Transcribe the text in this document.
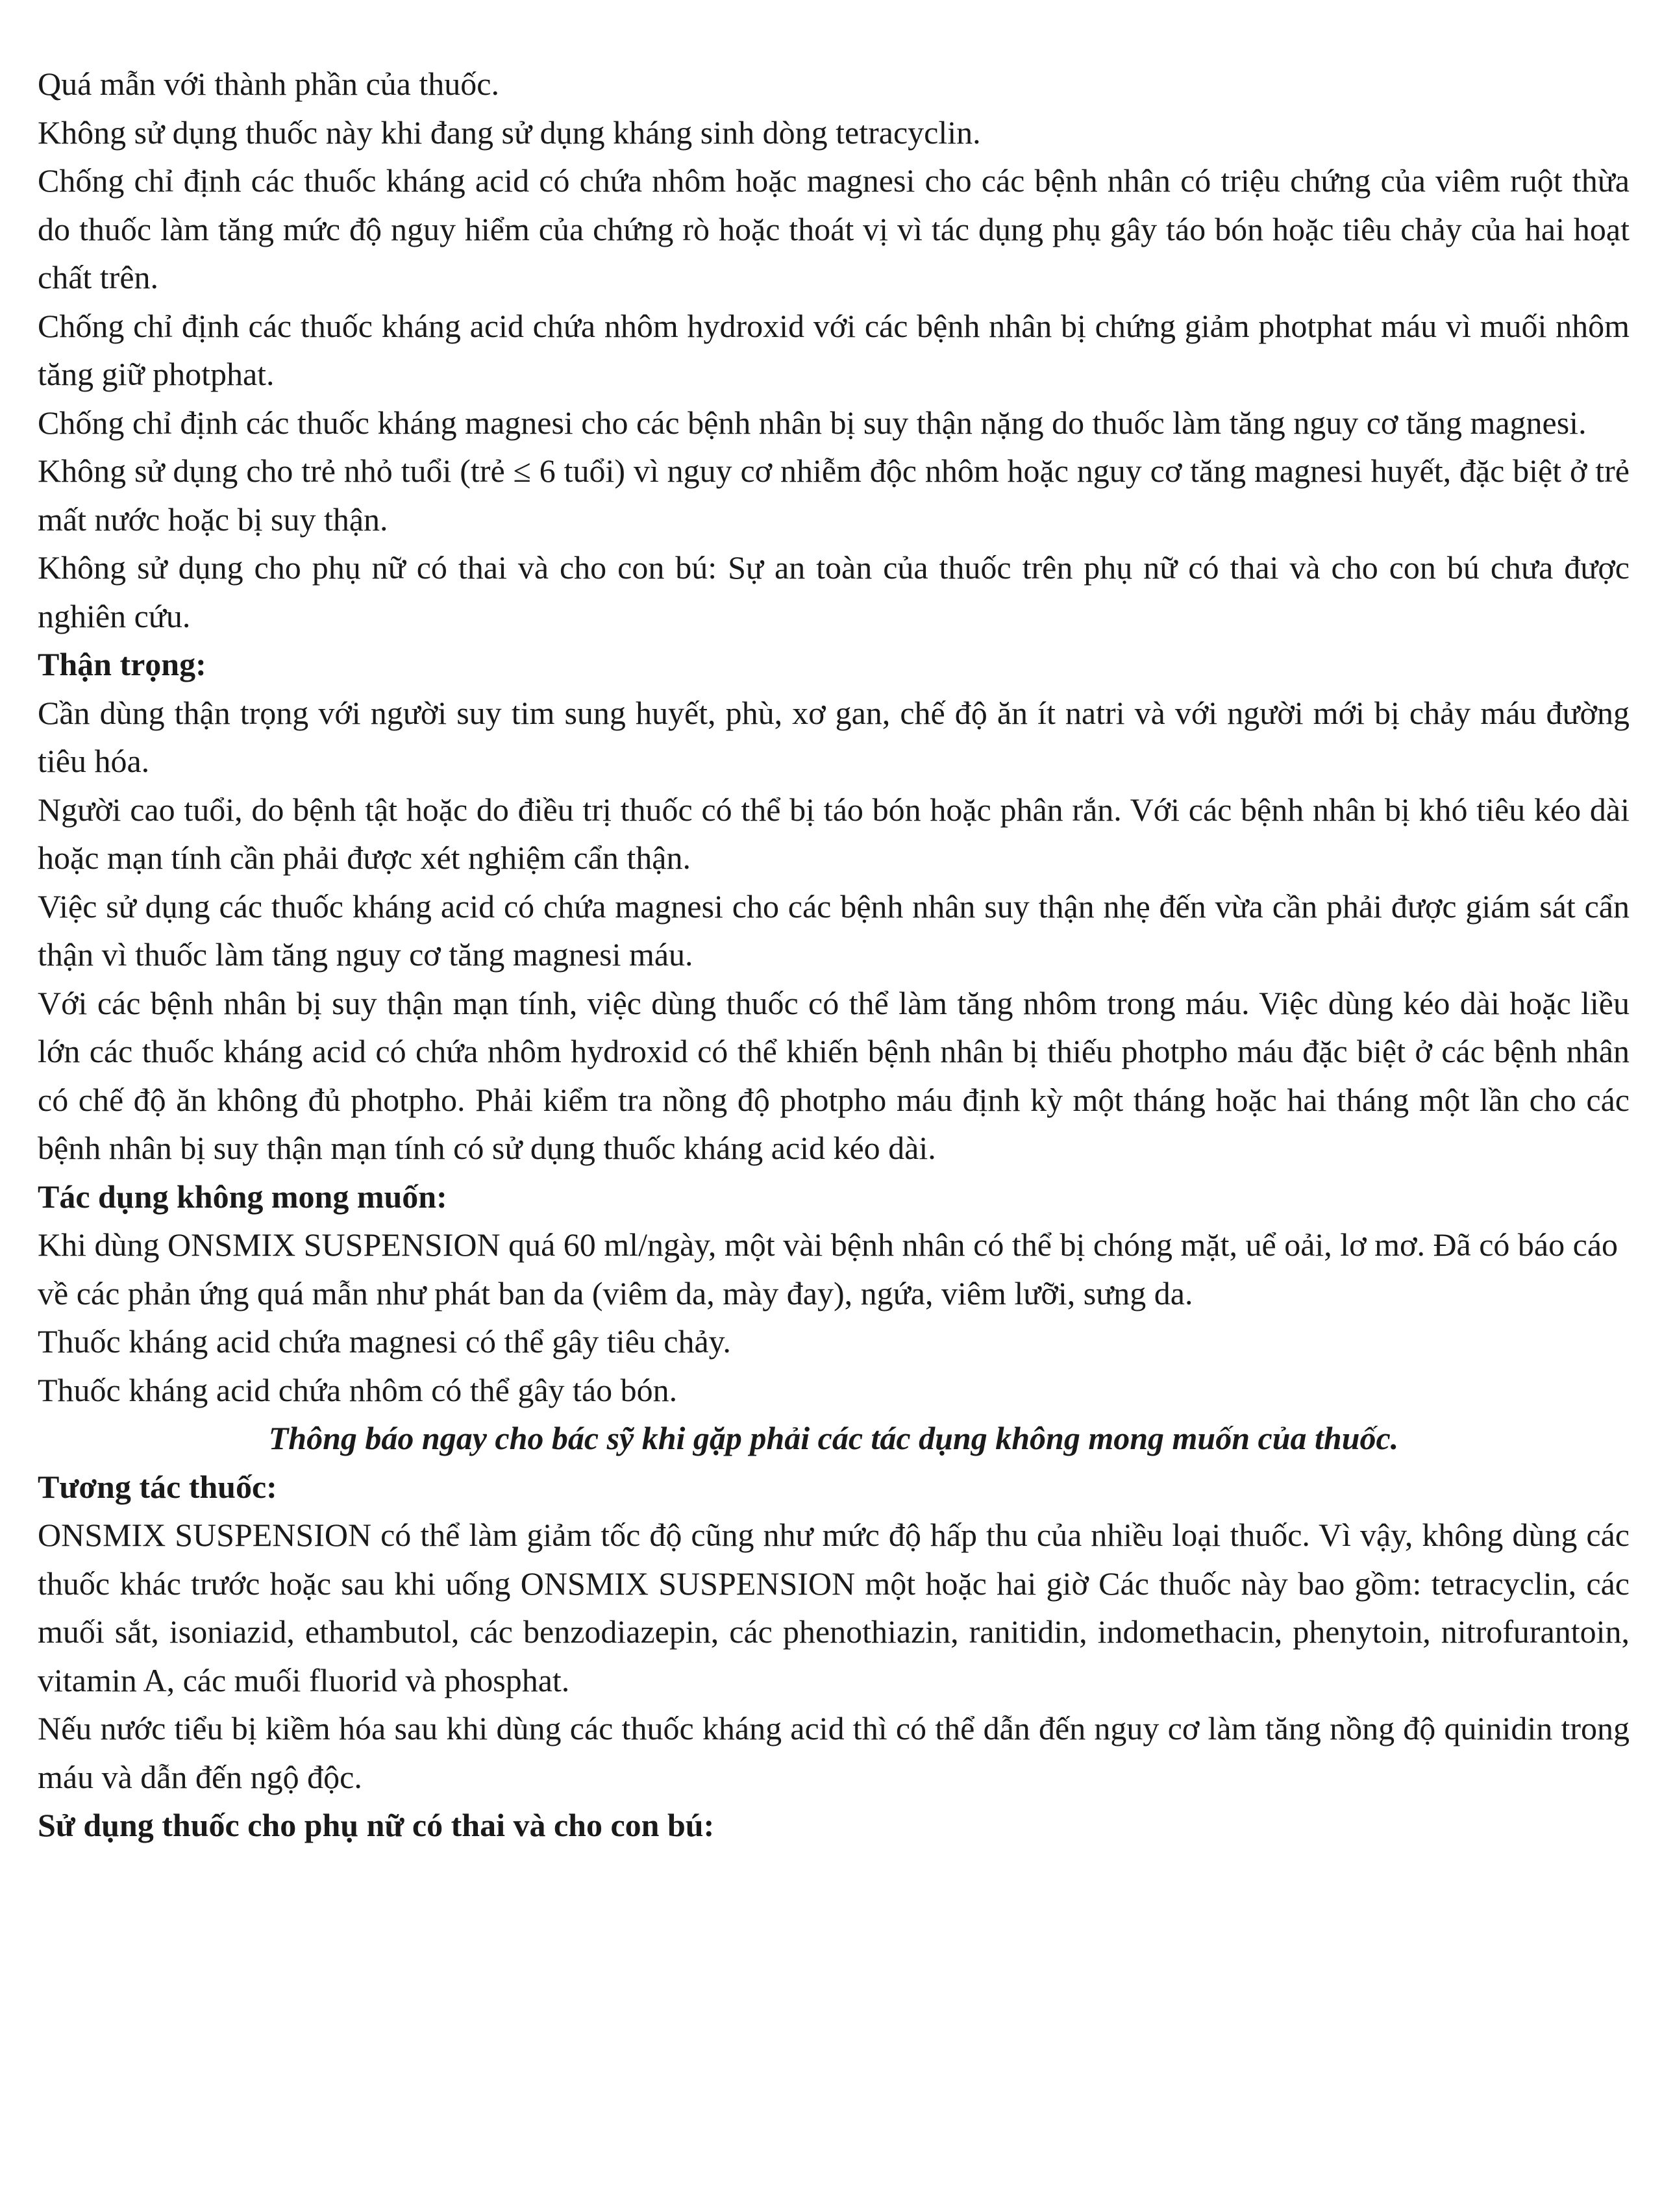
Quá mẫn với thành phần của thuốc.

Không sử dụng thuốc này khi đang sử dụng kháng sinh dòng tetracyclin.

Chống chỉ định các thuốc kháng acid có chứa nhôm hoặc magnesi cho các bệnh nhân có triệu chứng của viêm ruột thừa do thuốc làm tăng mức độ nguy hiểm của chứng rò hoặc thoát vị vì tác dụng phụ gây táo bón hoặc tiêu chảy của hai hoạt chất trên.

Chống chỉ định các thuốc kháng acid chứa nhôm hydroxid với các bệnh nhân bị chứng giảm photphat máu vì muối nhôm tăng giữ photphat.

Chống chỉ định các thuốc kháng magnesi cho các bệnh nhân bị suy thận nặng do thuốc làm tăng nguy cơ tăng magnesi.

Không sử dụng cho trẻ nhỏ tuổi (trẻ ≤ 6 tuổi) vì nguy cơ nhiễm độc nhôm hoặc nguy cơ tăng magnesi huyết, đặc biệt ở trẻ mất nước hoặc bị suy thận.

Không sử dụng cho phụ nữ có thai và cho con bú: Sự an toàn của thuốc trên phụ nữ có thai và cho con bú chưa được nghiên cứu.

Thận trọng:

Cần dùng thận trọng với người suy tim sung huyết, phù, xơ gan, chế độ ăn ít natri và với người mới bị chảy máu đường tiêu hóa.

Người cao tuổi, do bệnh tật hoặc do điều trị thuốc có thể bị táo bón hoặc phân rắn. Với các bệnh nhân bị khó tiêu kéo dài hoặc mạn tính cần phải được xét nghiệm cẩn thận.

Việc sử dụng các thuốc kháng acid có chứa magnesi cho các bệnh nhân suy thận nhẹ đến vừa cần phải được giám sát cẩn thận vì thuốc làm tăng nguy cơ tăng magnesi máu.

Với các bệnh nhân bị suy thận mạn tính, việc dùng thuốc có thể làm tăng nhôm trong máu. Việc dùng kéo dài hoặc liều lớn các thuốc kháng acid có chứa nhôm hydroxid có thể khiến bệnh nhân bị thiếu photpho máu đặc biệt ở các bệnh nhân có chế độ ăn không đủ photpho. Phải kiểm tra nồng độ photpho máu định kỳ một tháng hoặc hai tháng một lần cho các bệnh nhân bị suy thận mạn tính có sử dụng thuốc kháng acid kéo dài.

Tác dụng không mong muốn:

Khi dùng ONSMIX SUSPENSION quá 60 ml/ngày, một vài bệnh nhân có thể bị chóng mặt, uể oải, lơ mơ. Đã có báo cáo về các phản ứng quá mẫn như phát ban da (viêm da, mày đay), ngứa, viêm lưỡi, sưng da.

Thuốc kháng acid chứa magnesi có thể gây tiêu chảy.

Thuốc kháng acid chứa nhôm có thể gây táo bón.

Thông báo ngay cho bác sỹ khi gặp phải các tác dụng không mong muốn của thuốc.

Tương tác thuốc:

ONSMIX SUSPENSION có thể làm giảm tốc độ cũng như mức độ hấp thu của nhiều loại thuốc. Vì vậy, không dùng các thuốc khác trước hoặc sau khi uống ONSMIX SUSPENSION một hoặc hai giờ Các thuốc này bao gồm: tetracyclin, các muối sắt, isoniazid, ethambutol, các benzodiazepin, các phenothiazin, ranitidin, indomethacin, phenytoin, nitrofurantoin, vitamin A, các muối fluorid và phosphat.

Nếu nước tiểu bị kiềm hóa sau khi dùng các thuốc kháng acid thì có thể dẫn đến nguy cơ làm tăng nồng độ quinidin trong máu và dẫn đến ngộ độc.

Sử dụng thuốc cho phụ nữ có thai và cho con bú:
